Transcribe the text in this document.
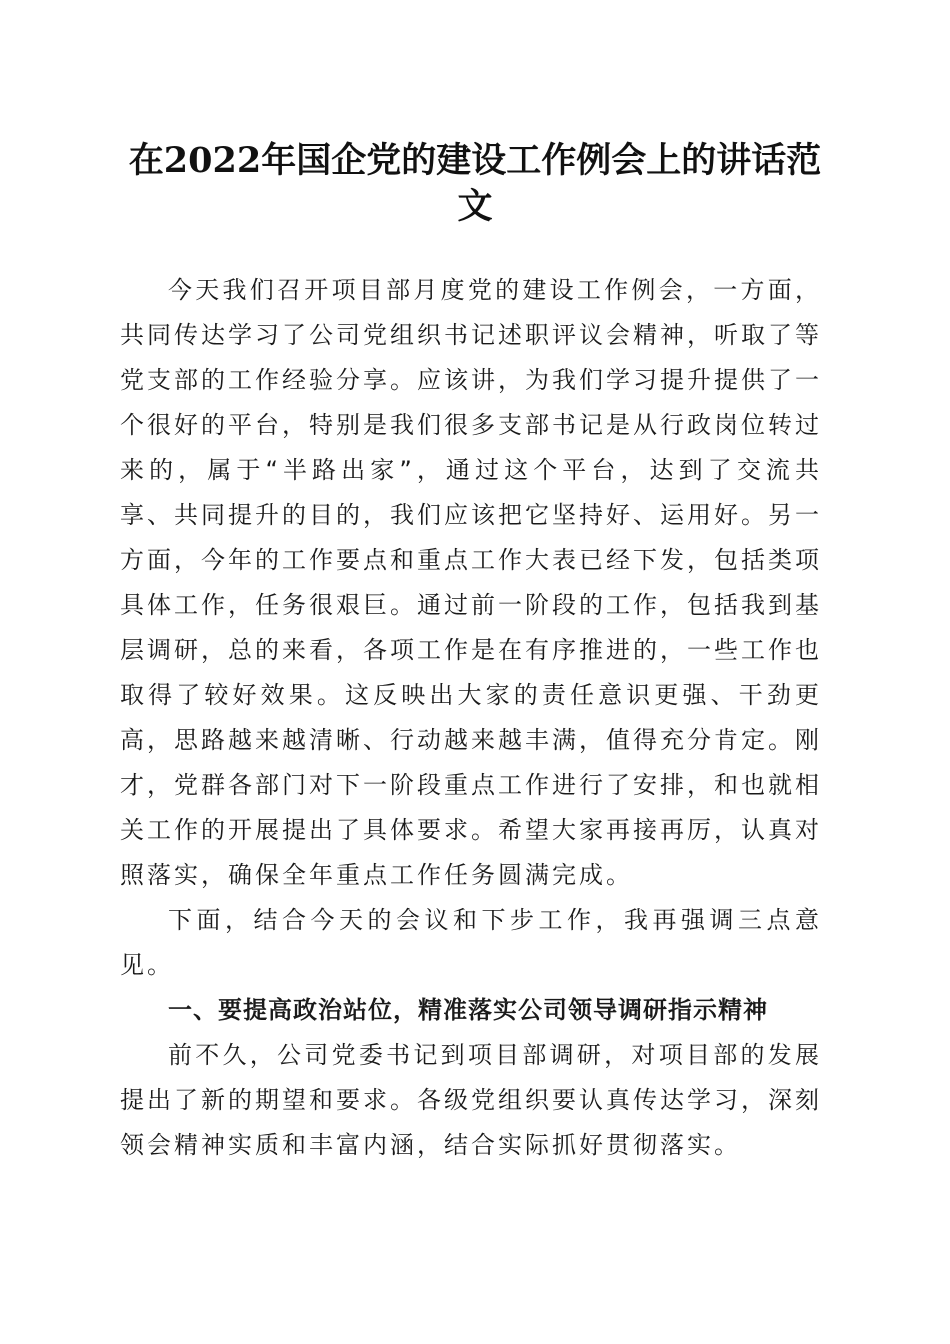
在2022年国企党的建设工作例会上的讲话范文

今天我们召开项目部月度党的建设工作例会，一方面，共同传达学习了公司党组织书记述职评议会精神，听取了等党支部的工作经验分享。应该讲，为我们学习提升提供了一个很好的平台，特别是我们很多支部书记是从行政岗位转过来的，属于“半路出家”，通过这个平台，达到了交流共享、共同提升的目的，我们应该把它坚持好、运用好。另一方面，今年的工作要点和重点工作大表已经下发，包括类项具体工作，任务很艰巨。通过前一阶段的工作，包括我到基层调研，总的来看，各项工作是在有序推进的，一些工作也取得了较好效果。这反映出大家的责任意识更强、干劲更高，思路越来越清晰、行动越来越丰满，值得充分肯定。刚才，党群各部门对下一阶段重点工作进行了安排，和也就相关工作的开展提出了具体要求。希望大家再接再厉，认真对照落实，确保全年重点工作任务圆满完成。

下面，结合今天的会议和下步工作，我再强调三点意见。

一、要提高政治站位，精准落实公司领导调研指示精神

前不久，公司党委书记到项目部调研，对项目部的发展提出了新的期望和要求。各级党组织要认真传达学习，深刻领会精神实质和丰富内涵，结合实际抓好贯彻落实。
